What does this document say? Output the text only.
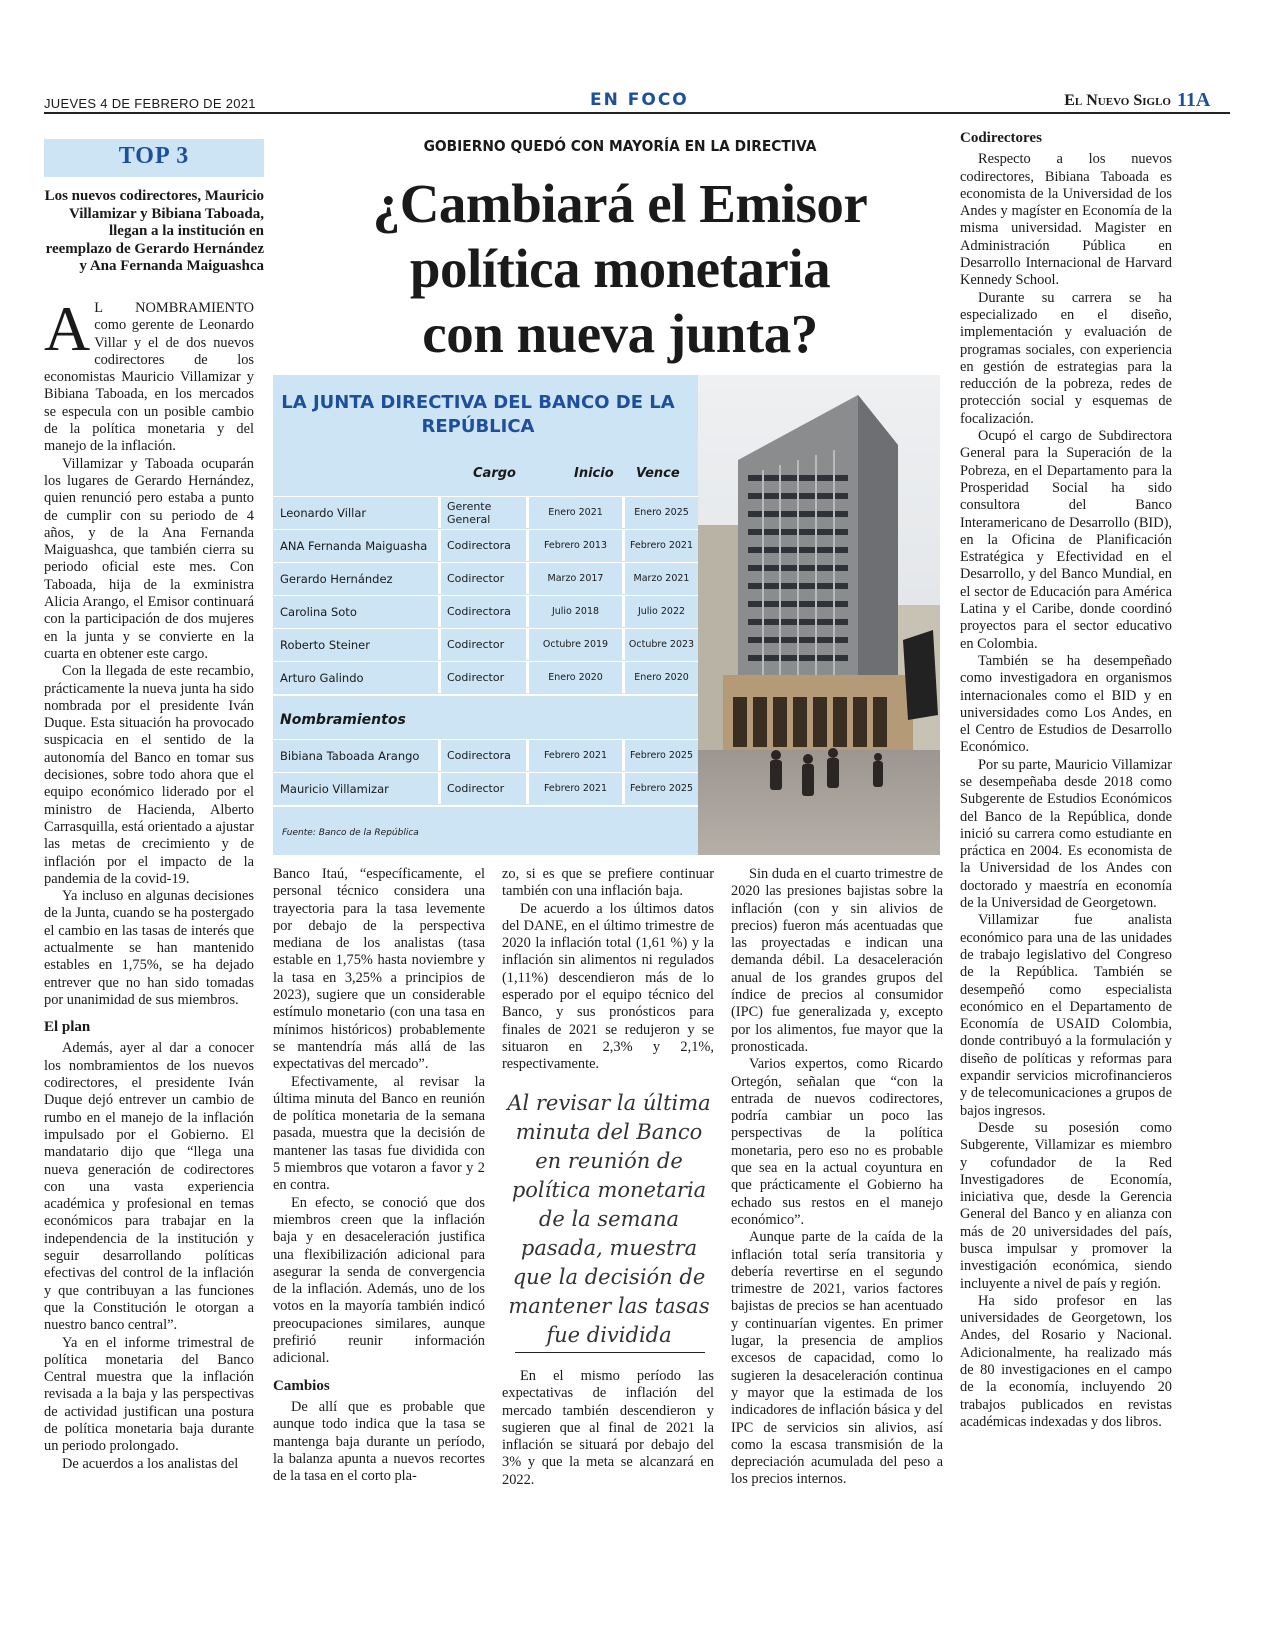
JUEVES 4 DE FEBRERO DE 2021	EN FOCO	El Nuevo Siglo 11A
TOP 3
Los nuevos codirectores, Mauricio Villamizar y Bibiana Taboada, llegan a la institución en reemplazo de Gerardo Hernández y Ana Fernanda Maiguashca
GOBIERNO QUEDÓ CON MAYORÍA EN LA DIRECTIVA
¿Cambiará el Emisor
política monetaria
con nueva junta?

A L NOMBRAMIENTO como gerente de Leonardo Villar y el de dos nuevos codirectores de los economistas Mauricio Villamizar y Bibiana Taboada, en los mercados se especula con un posible cambio de la política monetaria y del manejo de la inflación.

Villamizar y Taboada ocuparán los lugares de Gerardo Hernández, quien renunció pero estaba a punto de cumplir con su periodo de 4 años, y de la Ana Fernanda Maiguashca, que también cierra su periodo oficial este mes. Con Taboada, hija de la exministra Alicia Arango, el Emisor continuará con la participación de dos mujeres en la junta y se convierte en la cuarta en obtener este cargo.

Con la llegada de este recambio, prácticamente la nueva junta ha sido nombrada por el presidente Iván Duque. Esta situación ha provocado suspicacia en el sentido de la autonomía del Banco en tomar sus decisiones, sobre todo ahora que el equipo económico liderado por el ministro de Hacienda, Alberto Carrasquilla, está orientado a ajustar las metas de crecimiento y de inflación por el impacto de la pandemia de la covid-19.

Ya incluso en algunas decisiones de la Junta, cuando se ha postergado el cambio en las tasas de interés que actualmente se han mantenido estables en 1,75%, se ha dejado entrever que no han sido tomadas por unanimidad de sus miembros.

El plan

Además, ayer al dar a conocer los nombramientos de los nuevos codirectores, el presidente Iván Duque dejó entrever un cambio de rumbo en el manejo de la inflación impulsado por el Gobierno. El mandatario dijo que “llega una nueva generación de codirectores con una vasta experiencia académica y profesional en temas económicos para trabajar en la independencia de la institución y seguir desarrollando políticas efectivas del control de la inflación y que contribuyan a las funciones que la Constitución le otorgan a nuestro banco central”.

Ya en el informe trimestral de política monetaria del Banco Central muestra que la inflación revisada a la baja y las perspectivas de actividad justifican una postura de política monetaria baja durante un periodo prolongado.

De acuerdos a los analistas del

LA JUNTA DIRECTIVA DEL BANCO DE LA REPÚBLICA
Cargo	Inicio Vence
Leonardo Villar	Gerente General	Enero 2021	Enero 2025
ANA Fernanda Maiguasha	Codirectora	Febrero 2013	Febrero 2021
Gerardo Hernández	Codirector	Marzo 2017	Marzo 2021
Carolina Soto	Codirectora	Julio 2018	Julio 2022
Roberto Steiner	Codirector	Octubre 2019	Octubre 2023
Arturo Galindo	Codirector	Enero 2020	Enero 2020
Nombramientos
Bibiana Taboada Arango	Codirectora	Febrero 2021	Febrero 2025
Mauricio Villamizar	Codirector	Febrero 2021	Febrero 2025
Fuente: Banco de la República

Banco Itaú, “específicamente, el personal técnico considera una trayectoria para la tasa levemente por debajo de la perspectiva mediana de los analistas (tasa estable en 1,75% hasta noviembre y la tasa en 3,25% a principios de 2023), sugiere que un considerable estímulo monetario (con una tasa en mínimos históricos) probablemente se mantendría más allá de las expectativas del mercado”.

Efectivamente, al revisar la última minuta del Banco en reunión de política monetaria de la semana pasada, muestra que la decisión de mantener las tasas fue dividida con 5 miembros que votaron a favor y 2 en contra.

En efecto, se conoció que dos miembros creen que la inflación baja y en desaceleración justifica una flexibilización adicional para asegurar la senda de convergencia de la inflación. Además, uno de los votos en la mayoría también indicó preocupaciones similares, aunque prefirió reunir información adicional.

Cambios

De allí que es probable que aunque todo indica que la tasa se mantenga baja durante un período, la balanza apunta a nuevos recortes de la tasa en el corto pla-

zo, si es que se prefiere continuar también con una inflación baja.

De acuerdo a los últimos datos del DANE, en el último trimestre de 2020 la inflación total (1,61 %) y la inflación sin alimentos ni regulados (1,11%) descendieron más de lo esperado por el equipo técnico del Banco, y sus pronósticos para finales de 2021 se redujeron y se situaron en 2,3% y 2,1%, respectivamente.

Al revisar la última minuta del Banco en reunión de política monetaria de la semana pasada, muestra que la decisión de mantener las tasas fue dividida

En el mismo período las expectativas de inflación del mercado también descendieron y sugieren que al final de 2021 la inflación se situará por debajo del 3% y que la meta se alcanzará en 2022.

Sin duda en el cuarto trimestre de 2020 las presiones bajistas sobre la inflación (con y sin alivios de precios) fueron más acentuadas que las proyectadas e indican una demanda débil. La desaceleración anual de los grandes grupos del índice de precios al consumidor (IPC) fue generalizada y, excepto por los alimentos, fue mayor que la pronosticada.

Varios expertos, como Ricardo Ortegón, señalan que “con la entrada de nuevos codirectores, podría cambiar un poco las perspectivas de la política monetaria, pero eso no es probable que sea en la actual coyuntura en que prácticamente el Gobierno ha echado sus restos en el manejo económico”.

Aunque parte de la caída de la inflación total sería transitoria y debería revertirse en el segundo trimestre de 2021, varios factores bajistas de precios se han acentuado y continuarían vigentes. En primer lugar, la presencia de amplios excesos de capacidad, como lo sugieren la desaceleración continua y mayor que la estimada de los indicadores de inflación básica y del IPC de servicios sin alivios, así como la escasa transmisión de la depreciación acumulada del peso a los precios internos.

Codirectores

Respecto a los nuevos codirectores, Bibiana Taboada es economista de la Universidad de los Andes y magíster en Economía de la misma universidad. Magister en Administración Pública en Desarrollo Internacional de Harvard Kennedy School.

Durante su carrera se ha especializado en el diseño, implementación y evaluación de programas sociales, con experiencia en gestión de estrategias para la reducción de la pobreza, redes de protección social y esquemas de focalización.

Ocupó el cargo de Subdirectora General para la Superación de la Pobreza, en el Departamento para la Prosperidad Social ha sido consultora del Banco Interamericano de Desarrollo (BID), en la Oficina de Planificación Estratégica y Efectividad en el Desarrollo, y del Banco Mundial, en el sector de Educación para América Latina y el Caribe, donde coordinó proyectos para el sector educativo en Colombia.

También se ha desempeñado como investigadora en organismos internacionales como el BID y en universidades como Los Andes, en el Centro de Estudios de Desarrollo Económico.

Por su parte, Mauricio Villamizar se desempeñaba desde 2018 como Subgerente de Estudios Económicos del Banco de la República, donde inició su carrera como estudiante en práctica en 2004. Es economista de la Universidad de los Andes con doctorado y maestría en economía de la Universidad de Georgetown.

Villamizar fue analista económico para una de las unidades de trabajo legislativo del Congreso de la República. También se desempeñó como especialista económico en el Departamento de Economía de USAID Colombia, donde contribuyó a la formulación y diseño de políticas y reformas para expandir servicios microfinancieros y de telecomunicaciones a grupos de bajos ingresos.

Desde su posesión como Subgerente, Villamizar es miembro y cofundador de la Red Investigadores de Economía, iniciativa que, desde la Gerencia General del Banco y en alianza con más de 20 universidades del país, busca impulsar y promover la investigación económica, siendo incluyente a nivel de país y región.

Ha sido profesor en las universidades de Georgetown, los Andes, del Rosario y Nacional. Adicionalmente, ha realizado más de 80 investigaciones en el campo de la economía, incluyendo 20 trabajos publicados en revistas académicas indexadas y dos libros.
